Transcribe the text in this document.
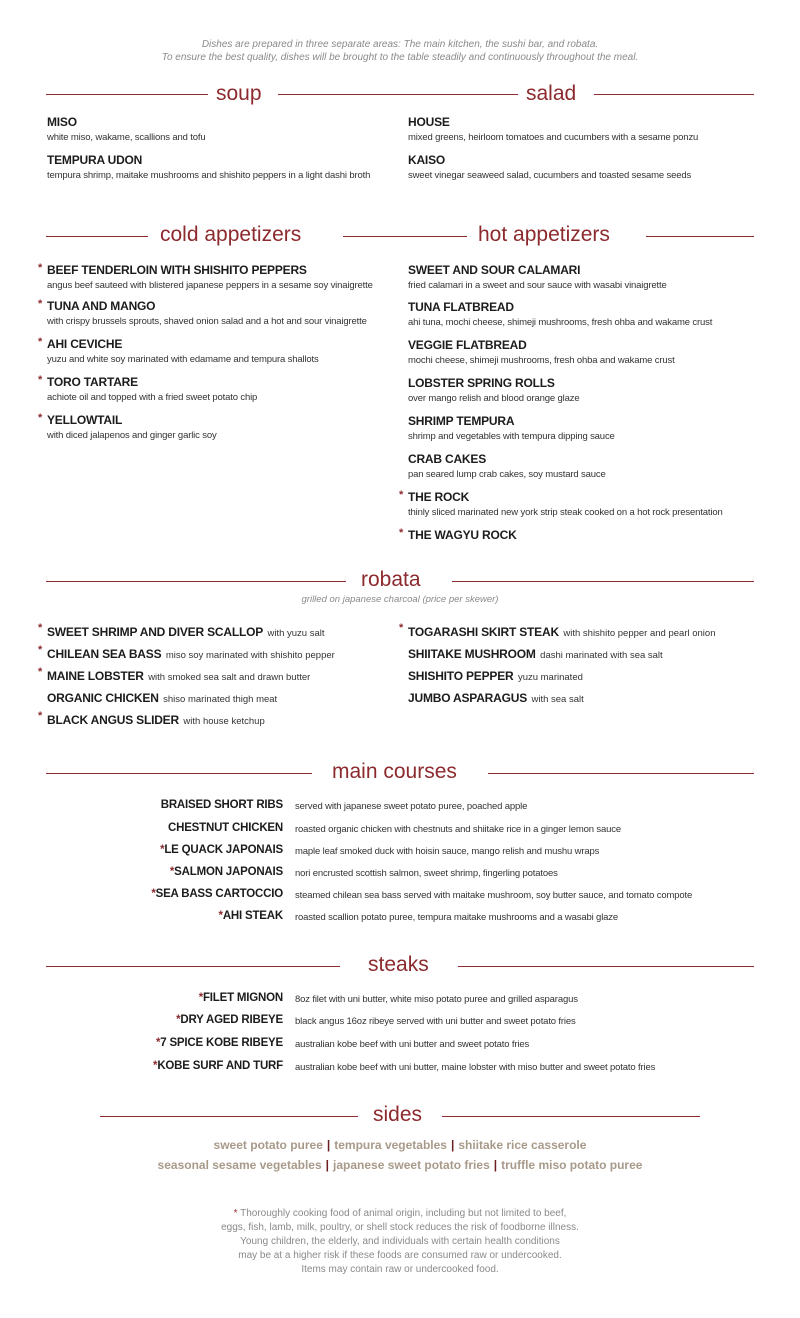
Dishes are prepared in three separate areas: The main kitchen, the sushi bar, and robata.
To ensure the best quality, dishes will be brought to the table steadily and continuously throughout the meal.
soup	salad
MISO
white miso, wakame, scallions and tofu
TEMPURA UDON
tempura shrimp, maitake mushrooms and shishito peppers in a light dashi broth
HOUSE
mixed greens, heirloom tomatoes and cucumbers with a sesame ponzu
KAISO
sweet vinegar seaweed salad, cucumbers and toasted sesame seeds
cold appetizers	hot appetizers
* BEEF TENDERLOIN WITH SHISHITO PEPPERS
angus beef sauteed with blistered japanese peppers in a sesame soy vinaigrette
* TUNA AND MANGO
with crispy brussels sprouts, shaved onion salad and a hot and sour vinaigrette
* AHI CEVICHE
yuzu and white soy marinated with edamame and tempura shallots
* TORO TARTARE
achiote oil and topped with a fried sweet potato chip
* YELLOWTAIL
with diced jalapenos and ginger garlic soy
SWEET AND SOUR CALAMARI
fried calamari in a sweet and sour sauce with wasabi vinaigrette
TUNA FLATBREAD
ahi tuna, mochi cheese, shimeji mushrooms, fresh ohba and wakame crust
VEGGIE FLATBREAD
mochi cheese, shimeji mushrooms, fresh ohba and wakame crust
LOBSTER SPRING ROLLS
over mango relish and blood orange glaze
SHRIMP TEMPURA
shrimp and vegetables with tempura dipping sauce
CRAB CAKES
pan seared lump crab cakes, soy mustard sauce
* THE ROCK
thinly sliced marinated new york strip steak cooked on a hot rock presentation
* THE WAGYU ROCK
robata
grilled on japanese charcoal (price per skewer)
* SWEET SHRIMP AND DIVER SCALLOP with yuzu salt
* CHILEAN SEA BASS miso soy marinated with shishito pepper
* MAINE LOBSTER with smoked sea salt and drawn butter
ORGANIC CHICKEN shiso marinated thigh meat
* BLACK ANGUS SLIDER with house ketchup
* TOGARASHI SKIRT STEAK with shishito pepper and pearl onion
SHIITAKE MUSHROOM dashi marinated with sea salt
SHISHITO PEPPER yuzu marinated
JUMBO ASPARAGUS with sea salt
main courses
BRAISED SHORT RIBS served with japanese sweet potato puree, poached apple
CHESTNUT CHICKEN roasted organic chicken with chestnuts and shiitake rice in a ginger lemon sauce
*LE QUACK JAPONAIS maple leaf smoked duck with hoisin sauce, mango relish and mushu wraps
*SALMON JAPONAIS nori encrusted scottish salmon, sweet shrimp, fingerling potatoes
*SEA BASS CARTOCCIO steamed chilean sea bass served with maitake mushroom, soy butter sauce, and tomato compote
*AHI STEAK roasted scallion potato puree, tempura maitake mushrooms and a wasabi glaze
steaks
*FILET MIGNON 8oz filet with uni butter, white miso potato puree and grilled asparagus
*DRY AGED RIBEYE black angus 16oz ribeye served with uni butter and sweet potato fries
*7 SPICE KOBE RIBEYE australian kobe beef with uni butter and sweet potato fries
*KOBE SURF AND TURF australian kobe beef with uni butter, maine lobster with miso butter and sweet potato fries
sides
sweet potato puree | tempura vegetables | shiitake rice casserole
seasonal sesame vegetables | japanese sweet potato fries | truffle miso potato puree
* Thoroughly cooking food of animal origin, including but not limited to beef,
eggs, fish, lamb, milk, poultry, or shell stock reduces the risk of foodborne illness.
Young children, the elderly, and individuals with certain health conditions
may be at a higher risk if these foods are consumed raw or undercooked.
Items may contain raw or undercooked food.
